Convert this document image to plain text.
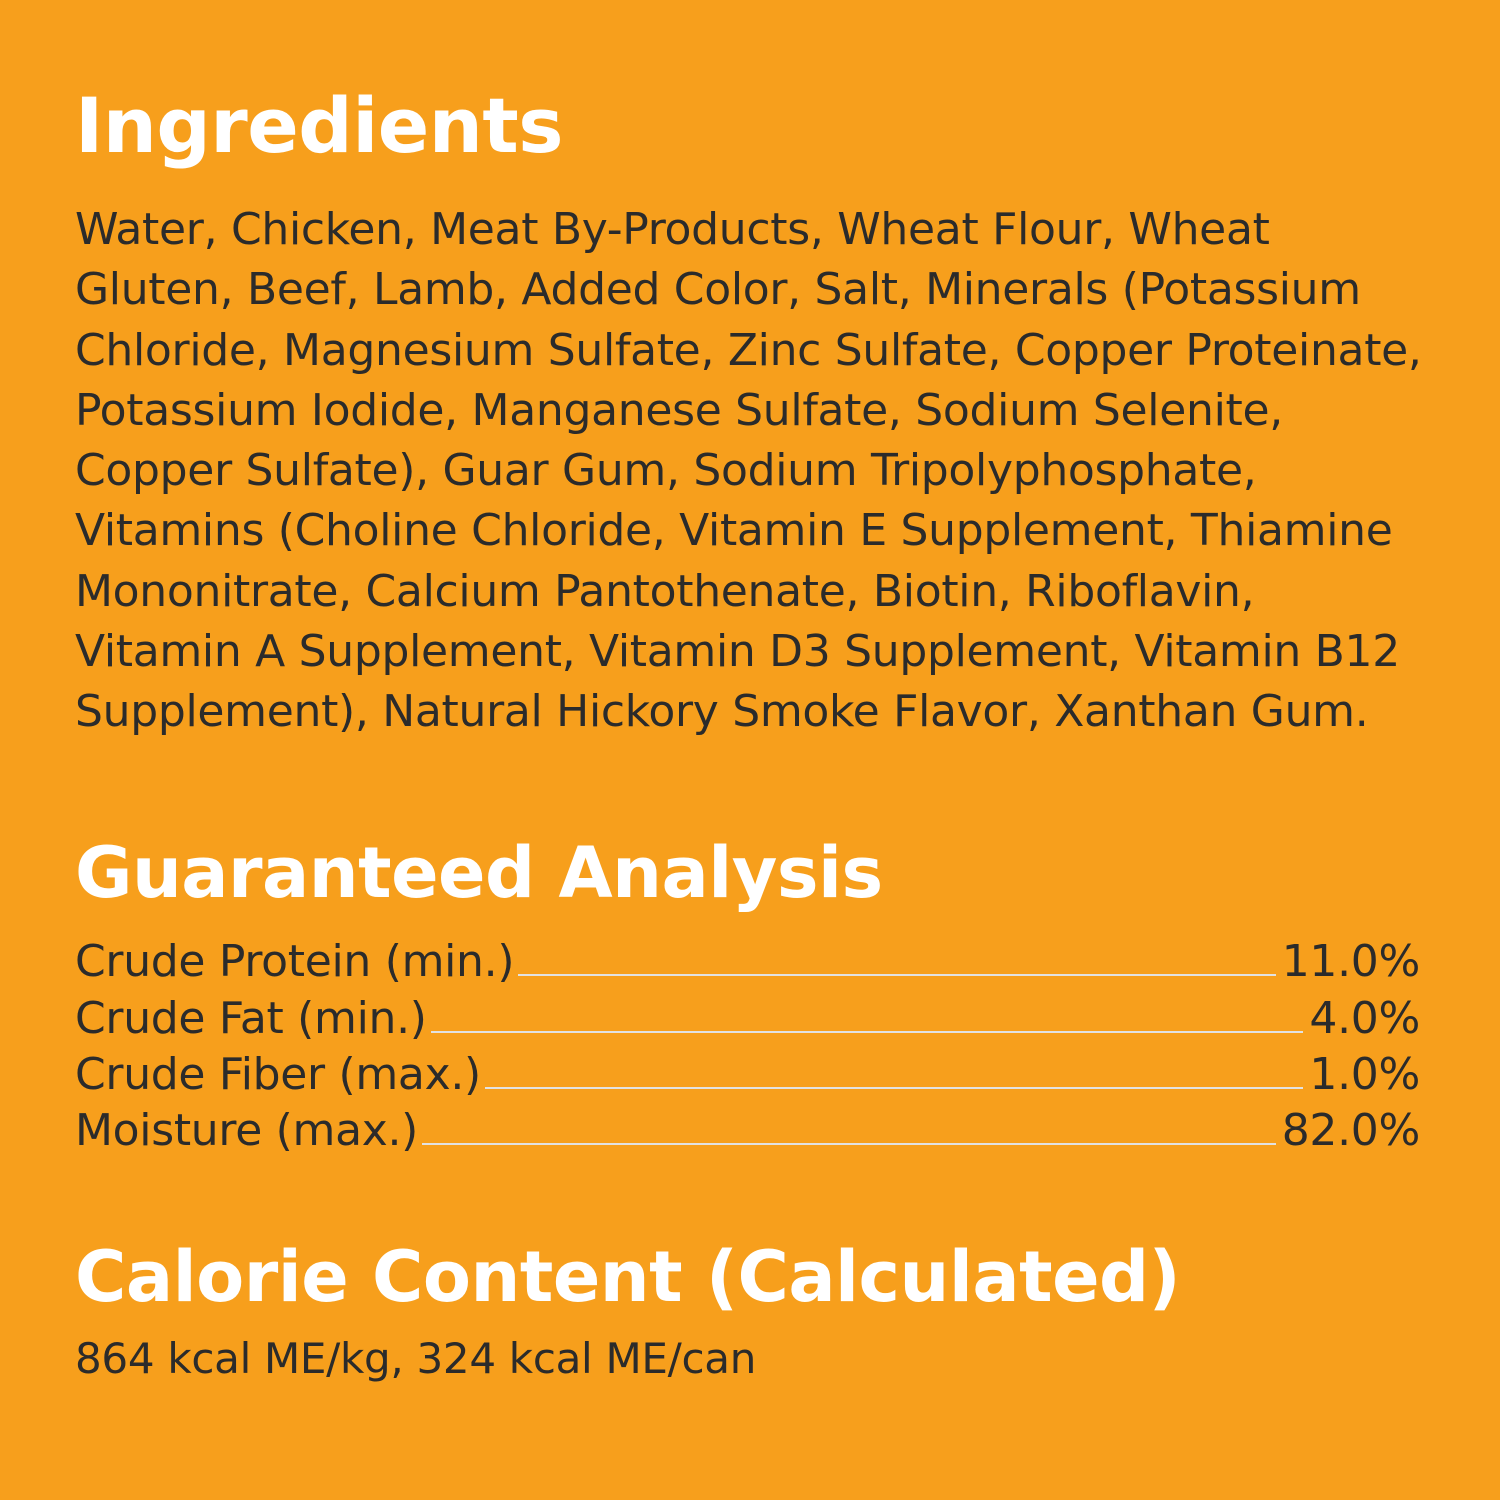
Ingredients

Water, Chicken, Meat By-Products, Wheat Flour, Wheat Gluten, Beef, Lamb, Added Color, Salt, Minerals (Potassium Chloride, Magnesium Sulfate, Zinc Sulfate, Copper Proteinate, Potassium Iodide, Manganese Sulfate, Sodium Selenite, Copper Sulfate), Guar Gum, Sodium Tripolyphosphate, Vitamins (Choline Chloride, Vitamin E Supplement, Thiamine Mononitrate, Calcium Pantothenate, Biotin, Riboflavin, Vitamin A Supplement, Vitamin D3 Supplement, Vitamin B12 Supplement), Natural Hickory Smoke Flavor, Xanthan Gum.

Guaranteed Analysis
Crude Protein (min.)	11.0%
Crude Fat (min.)	4.0%
Crude Fiber (max.)	1.0%
Moisture (max.)	82.0%
Calorie Content (Calculated)

864 kcal ME/kg, 324 kcal ME/can
